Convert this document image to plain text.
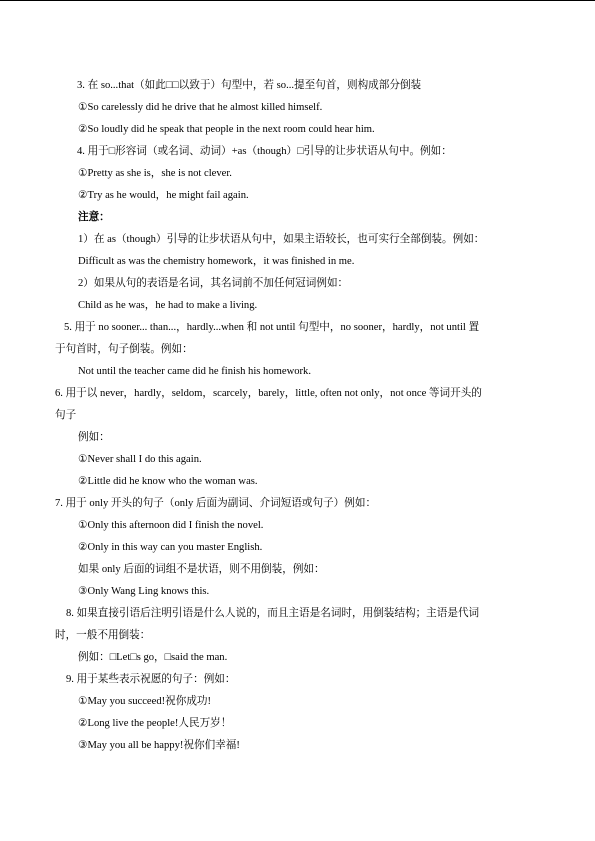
3. 在 so...that（如此□□以致于）句型中，若 so...提至句首，则构成部分倒装
①So carelessly did he drive that he almost killed himself.
②So loudly did he speak that people in the next room could hear him.
4. 用于□形容词（或名词、动词）+as（though）□引导的让步状语从句中。例如：
①Pretty as she is，she is not clever.
②Try as he would，he might fail again.
注意：
1）在 as（though）引导的让步状语从句中，如果主语较长，也可实行全部倒装。例如：
Difficult as was the chemistry homework，it was finished in me.
2）如果从句的表语是名词，其名词前不加任何冠词例如：
Child as he was，he had to make a living.
5. 用于 no sooner... than...，hardly...when 和 not until 句型中，no sooner，hardly，not until 置
于句首时，句子倒装。例如：
Not until the teacher came did he finish his homework.
6. 用于以 never，hardly，seldom，scarcely，barely，little, often not only，not once 等词开头的
句子
例如：
①Never shall I do this again.
②Little did he know who the woman was.
7. 用于 only 开头的句子（only 后面为副词、介词短语或句子）例如：
①Only this afternoon did I finish the novel.
②Only in this way can you master English.
如果 only 后面的词组不是状语，则不用倒装，例如：
③Only Wang Ling knows this.
8. 如果直接引语后注明引语是什么人说的，而且主语是名词时，用倒装结构；主语是代词
时，一般不用倒装：
例如：□Let□s go，□said the man.
9. 用于某些表示祝愿的句子：例如：
①May you succeed!祝你成功!
②Long live the people!人民万岁！
③May you all be happy!祝你们幸福!
